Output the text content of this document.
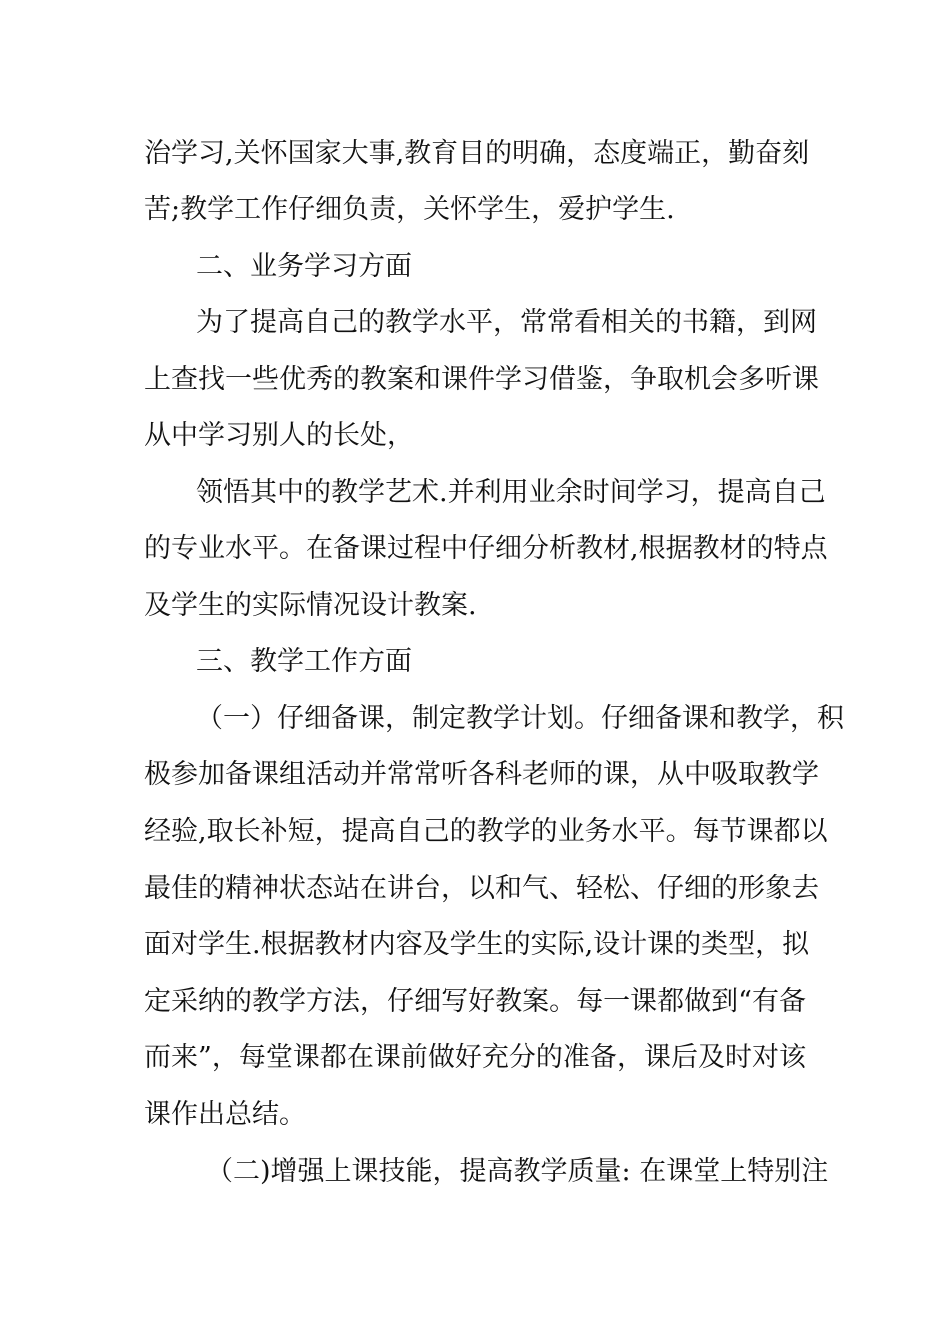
治学习,关怀国家大事,教育目的明确，态度端正，勤奋刻

苦;教学工作仔细负责，关怀学生，爱护学生.

二、业务学习方面

为了提高自己的教学水平，常常看相关的书籍，到网

上查找一些优秀的教案和课件学习借鉴，争取机会多听课

从中学习别人的长处，

领悟其中的教学艺术.并利用业余时间学习，提高自己

的专业水平。在备课过程中仔细分析教材,根据教材的特点

及学生的实际情况设计教案.

三、教学工作方面

（一）仔细备课，制定教学计划。仔细备课和教学，积

极参加备课组活动并常常听各科老师的课，从中吸取教学

经验,取长补短，提高自己的教学的业务水平。每节课都以

最佳的精神状态站在讲台，以和气、轻松、仔细的形象去

面对学生.根据教材内容及学生的实际,设计课的类型，拟

定采纳的教学方法，仔细写好教案。每一课都做到“有备

而来”，每堂课都在课前做好充分的准备，课后及时对该

课作出总结。

（二)增强上课技能，提高教学质量: 在课堂上特别注
